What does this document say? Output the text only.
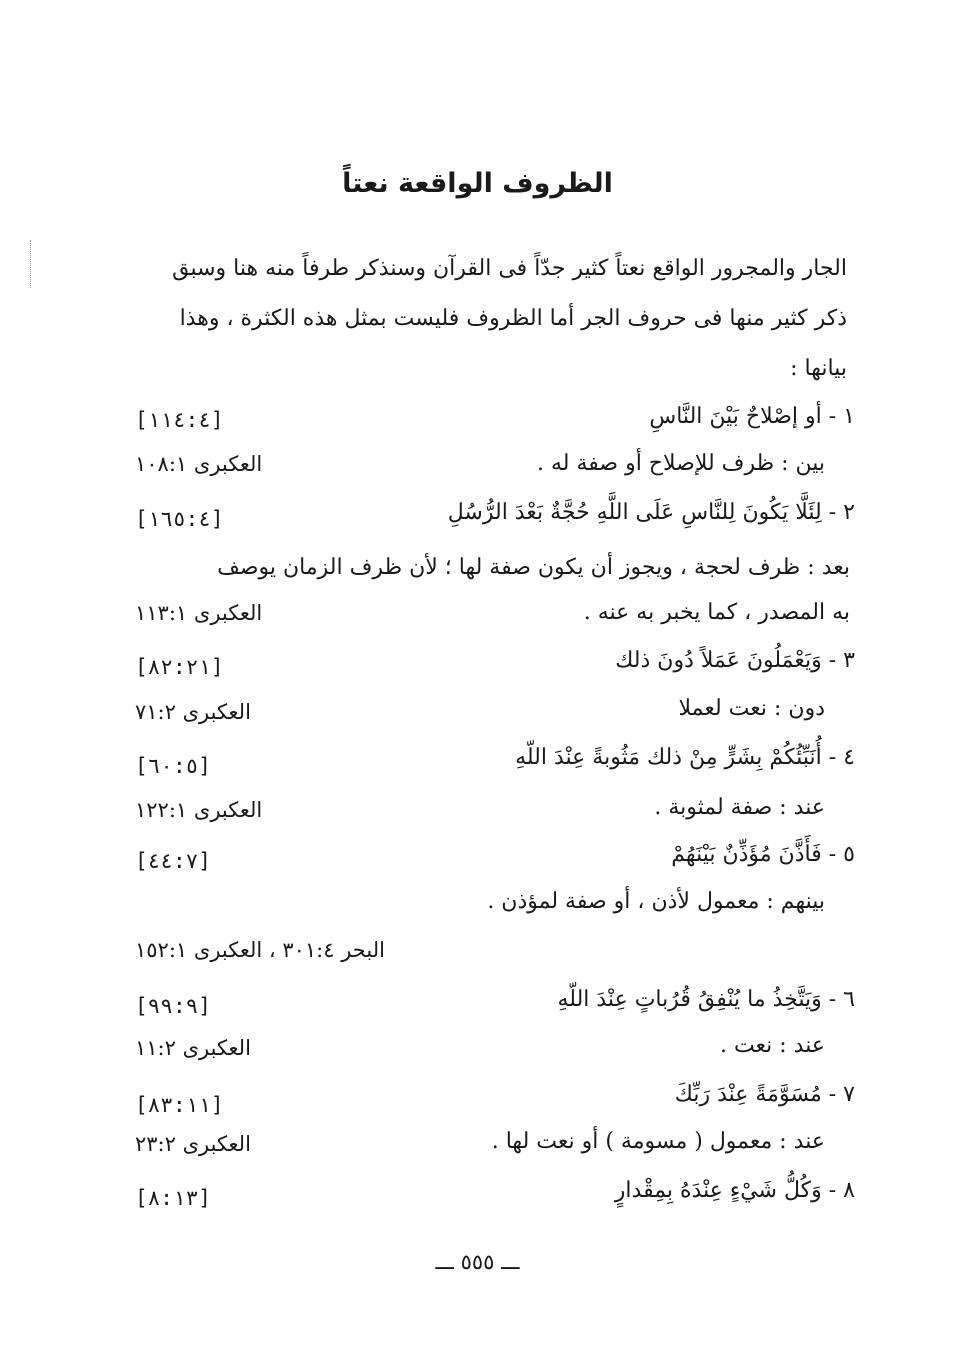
الظروف الواقعة نعتاً
الجار والمجرور الواقع نعتاً كثير جدّاً فى القرآن وسنذكر طرفاً منه هنا وسبق
ذكر كثير منها فى حروف الجر أما الظروف فليست بمثل هذه الكثرة ، وهذا
بيانها :
١ - أو إصْلاحٌ بَيْنَ النَّاسِ
[١١٤:٤]
بين : ظرف للإصلاح أو صفة له .
العكبرى ١٠٨:١
٢ - لِئَلَّا يَكُونَ لِلنَّاسِ عَلَى اللَّهِ حُجَّةٌ بَعْدَ الرُّسُلِ
[١٦٥:٤]
بعد : ظرف لحجة ، ويجوز أن يكون صفة لها ؛ لأن ظرف الزمان يوصف
به المصدر ، كما يخبر به عنه .
العكبرى ١١٣:١
٣ - وَيَعْمَلُونَ عَمَلاً دُونَ ذلك
[٨٢:٢١]
دون : نعت لعملا
العكبرى ٧١:٢
٤ - أُنَبِّئُكُمْ بِشَرٍّ مِنْ ذلك مَثُوبةً عِنْدَ اللّهِ
[٦٠:٥]
عند : صفة لمثوبة .
العكبرى ١٢٢:١
٥ - فَأَذَّنَ مُؤَذِّنٌ بَيْنَهُمْ
[٤٤:٧]
بينهم : معمول لأذن ، أو صفة لمؤذن .
البحر ٣٠١:٤ ، العكبرى ١٥٢:١
٦ - وَيَتَّخِذُ ما يُنْفِقُ قُرُباتٍ عِنْدَ اللّهِ
[٩٩:٩]
عند : نعت .
العكبرى ١١:٢
٧ - مُسَوَّمَةً عِنْدَ رَبِّكَ
[٨٣:١١]
عند : معمول ( مسومة ) أو نعت لها .
العكبرى ٢٣:٢
٨ - وَكُلُّ شَيْءٍ عِنْدَهُ بِمِقْدارٍ
[٨:١٣]
ـــ ٥٥٥ ـــ
